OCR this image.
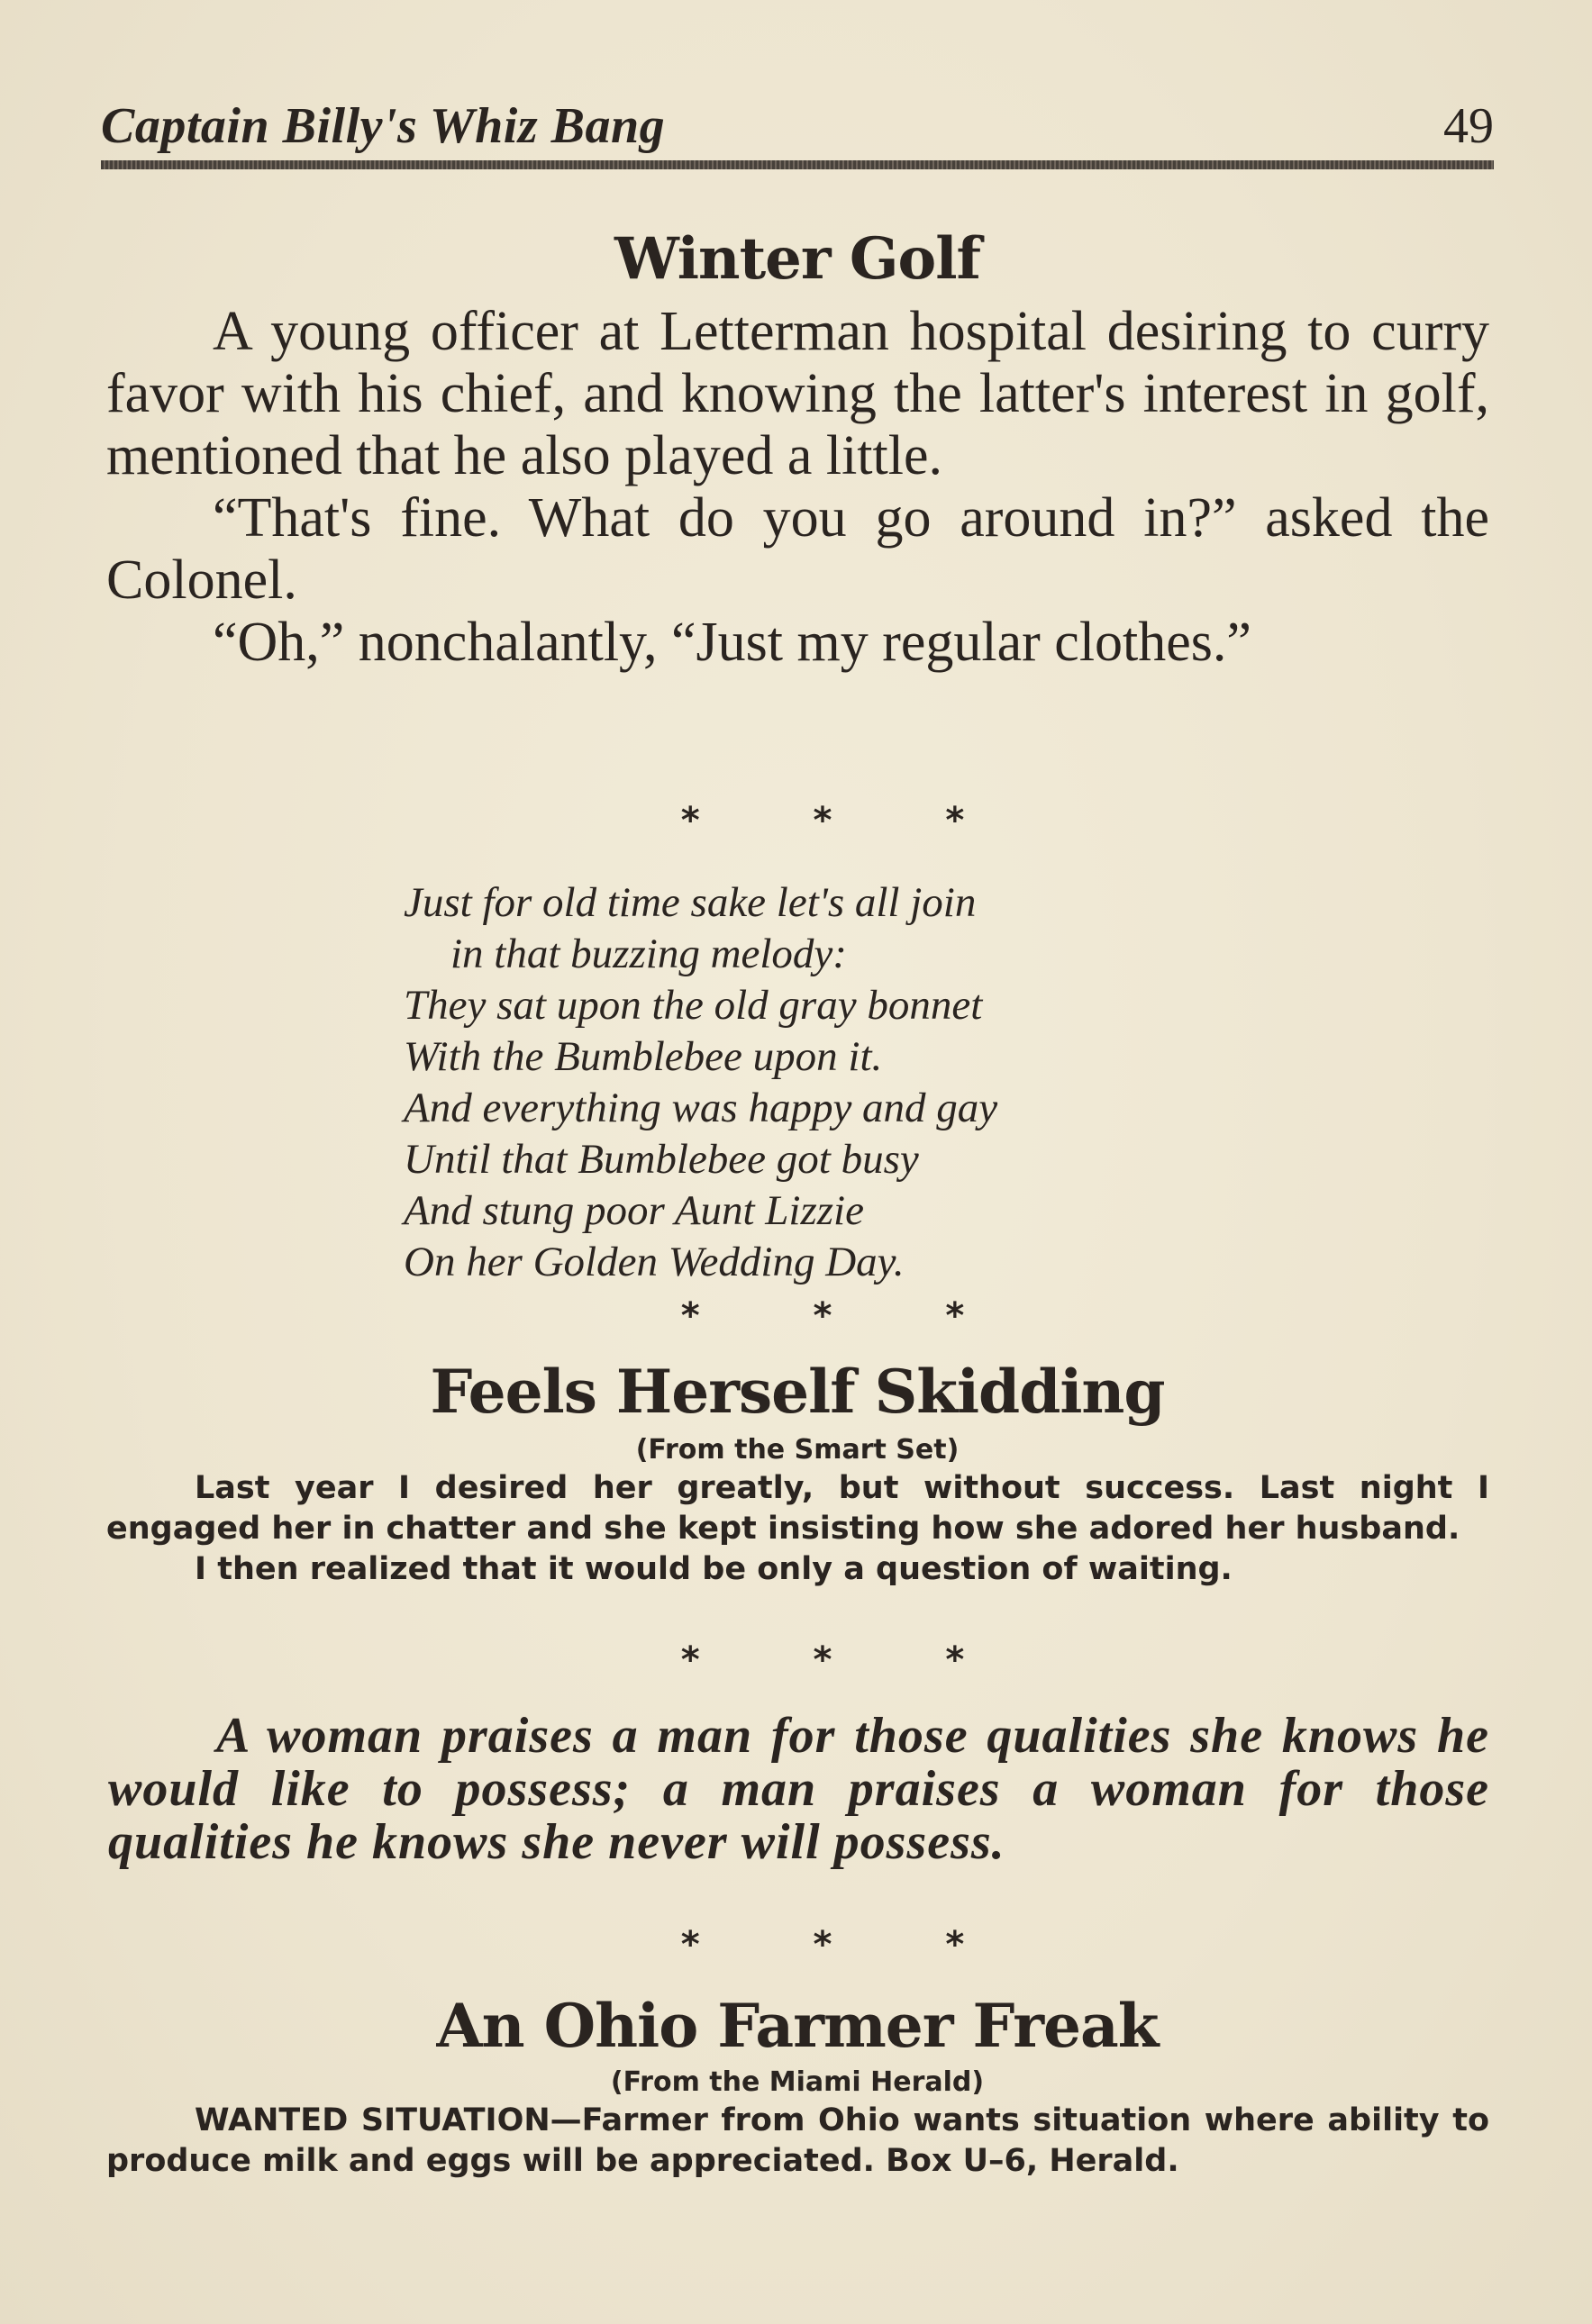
Captain Billy's Whiz Bang	49
Winter Golf

A young officer at Letterman hospital desiring to curry favor with his chief, and knowing the latter's interest in golf, mentioned that he also played a little.

“That's fine. What do you go around in?” asked the Colonel.

“Oh,” nonchalantly, “Just my regular clothes.”

* * *
Just for old time sake let's all join
in that buzzing melody:
They sat upon the old gray bonnet
With the Bumblebee upon it.
And everything was happy and gay
Until that Bumblebee got busy
And stung poor Aunt Lizzie
On her Golden Wedding Day.
* * *
Feels Herself Skidding
(From the Smart Set)

Last year I desired her greatly, but without success. Last night I engaged her in chatter and she kept insisting how she adored her husband.

I then realized that it would be only a question of waiting.

* * *

A woman praises a man for those qualities she knows he would like to possess; a man praises a woman for those qualities he knows she never will possess.

* * *
An Ohio Farmer Freak
(From the Miami Herald)

WANTED SITUATION—Farmer from Ohio wants situation where ability to produce milk and eggs will be appreciated. Box U–6, Herald.
